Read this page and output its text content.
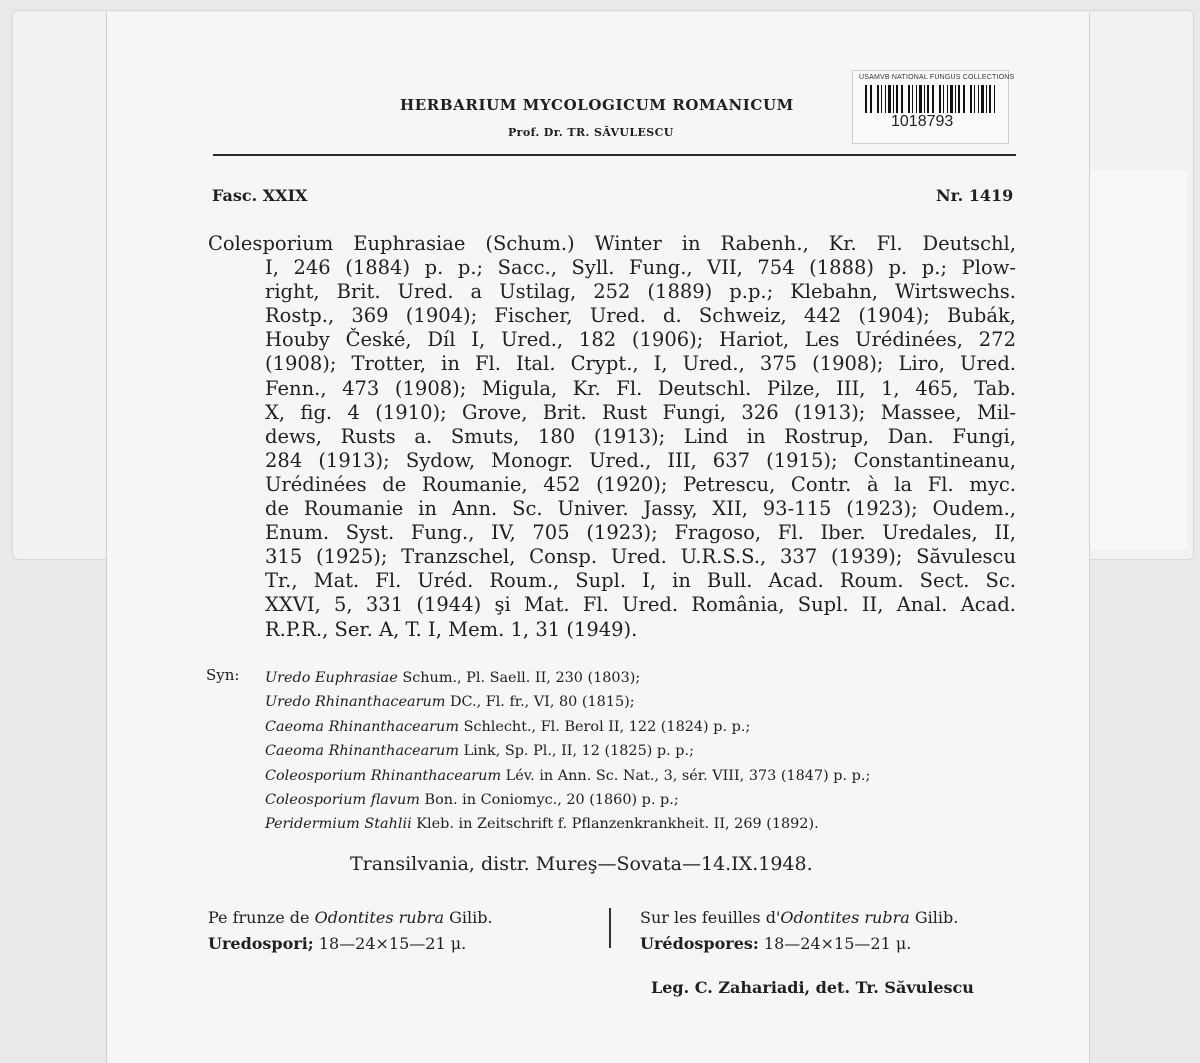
USAMVB NATIONAL FUNGUS COLLECTIONS
1018793
HERBARIUM MYCOLOGICUM ROMANICUM
Prof. Dr. TR. SĂVULESCU
Fasc. XXIX	Nr. 1419
Colesporium Euphrasiae (Schum.) Winter in Rabenh., Kr. Fl. Deutschl,
I, 246 (1884) p. p.; Sacc., Syll. Fung., VII, 754 (1888) p. p.; Plow-
right, Brit. Ured. a Ustilag, 252 (1889) p.p.; Klebahn, Wirtswechs.
Rostp., 369 (1904); Fischer, Ured. d. Schweiz, 442 (1904); Bubák,
Houby České, Díl I, Ured., 182 (1906); Hariot, Les Urédinées, 272
(1908); Trotter, in Fl. Ital. Crypt., I, Ured., 375 (1908); Liro, Ured.
Fenn., 473 (1908); Migula, Kr. Fl. Deutschl. Pilze, III, 1, 465, Tab.
X, fig. 4 (1910); Grove, Brit. Rust Fungi, 326 (1913); Massee, Mil-
dews, Rusts a. Smuts, 180 (1913); Lind in Rostrup, Dan. Fungi,
284 (1913); Sydow, Monogr. Ured., III, 637 (1915); Constantineanu,
Urédinées de Roumanie, 452 (1920); Petrescu, Contr. à la Fl. myc.
de Roumanie in Ann. Sc. Univer. Jassy, XII, 93-115 (1923); Oudem.,
Enum. Syst. Fung., IV, 705 (1923); Fragoso, Fl. Iber. Uredales, II,
315 (1925); Tranzschel, Consp. Ured. U.R.S.S., 337 (1939); Săvulescu
Tr., Mat. Fl. Uréd. Roum., Supl. I, in Bull. Acad. Roum. Sect. Sc.
XXVI, 5, 331 (1944) şi Mat. Fl. Ured. România, Supl. II, Anal. Acad.
R.P.R., Ser. A, T. I, Mem. 1, 31 (1949).
Syn: Uredo Euphrasiae Schum., Pl. Saell. II, 230 (1803);
Uredo Rhinanthacearum DC., Fl. fr., VI, 80 (1815);
Caeoma Rhinanthacearum Schlecht., Fl. Berol II, 122 (1824) p. p.;
Caeoma Rhinanthacearum Link, Sp. Pl., II, 12 (1825) p. p.;
Coleosporium Rhinanthacearum Lév. in Ann. Sc. Nat., 3, sér. VIII, 373 (1847) p. p.;
Coleosporium flavum Bon. in Coniomyc., 20 (1860) p. p.;
Peridermium Stahlii Kleb. in Zeitschrift f. Pflanzenkrankheit. II, 269 (1892).
Transilvania, distr. Mureş—Sovata—14.IX.1948.
Pe frunze de Odontites rubra Gilib.
Uredospori; 18—24×15—21 μ.
Sur les feuilles d'Odontites rubra Gilib.
Urédospores: 18—24×15—21 μ.
Leg. C. Zahariadi, det. Tr. Săvulescu
